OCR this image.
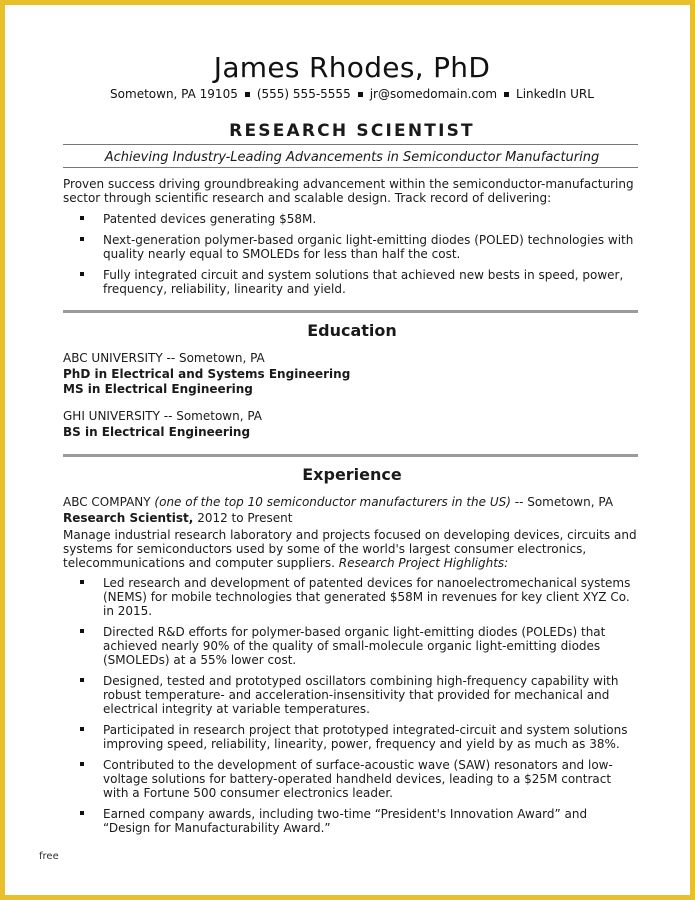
James Rhodes, PhD
Sometown, PA 19105 (555) 555-5555 jr@somedomain.com LinkedIn URL
RESEARCH SCIENTIST
Achieving Industry-Leading Advancements in Semiconductor Manufacturing
Proven success driving groundbreaking advancement within the semiconductor-manufacturing sector through scientific research and scalable design. Track record of delivering:
Patented devices generating $58M.
Next-generation polymer-based organic light-emitting diodes (POLED) technologies with quality nearly equal to SMOLEDs for less than half the cost.
Fully integrated circuit and system solutions that achieved new bests in speed, power, frequency, reliability, linearity and yield.
Education
ABC UNIVERSITY -- Sometown, PA
PhD in Electrical and Systems Engineering
MS in Electrical Engineering
GHI UNIVERSITY -- Sometown, PA
BS in Electrical Engineering
Experience
ABC COMPANY (one of the top 10 semiconductor manufacturers in the US) -- Sometown, PA
Research Scientist, 2012 to Present
Manage industrial research laboratory and projects focused on developing devices, circuits and systems for semiconductors used by some of the world's largest consumer electronics, telecommunications and computer suppliers. Research Project Highlights:
Led research and development of patented devices for nanoelectromechanical systems (NEMS) for mobile technologies that generated $58M in revenues for key client XYZ Co. in 2015.
Directed R&D efforts for polymer-based organic light-emitting diodes (POLEDs) that achieved nearly 90% of the quality of small-molecule organic light-emitting diodes (SMOLEDs) at a 55% lower cost.
Designed, tested and prototyped oscillators combining high-frequency capability with robust temperature- and acceleration-insensitivity that provided for mechanical and electrical integrity at variable temperatures.
Participated in research project that prototyped integrated-circuit and system solutions improving speed, reliability, linearity, power, frequency and yield by as much as 38%.
Contributed to the development of surface-acoustic wave (SAW) resonators and low-voltage solutions for battery-operated handheld devices, leading to a $25M contract with a Fortune 500 consumer electronics leader.
Earned company awards, including two-time “President's Innovation Award” and “Design for Manufacturability Award.”
free
